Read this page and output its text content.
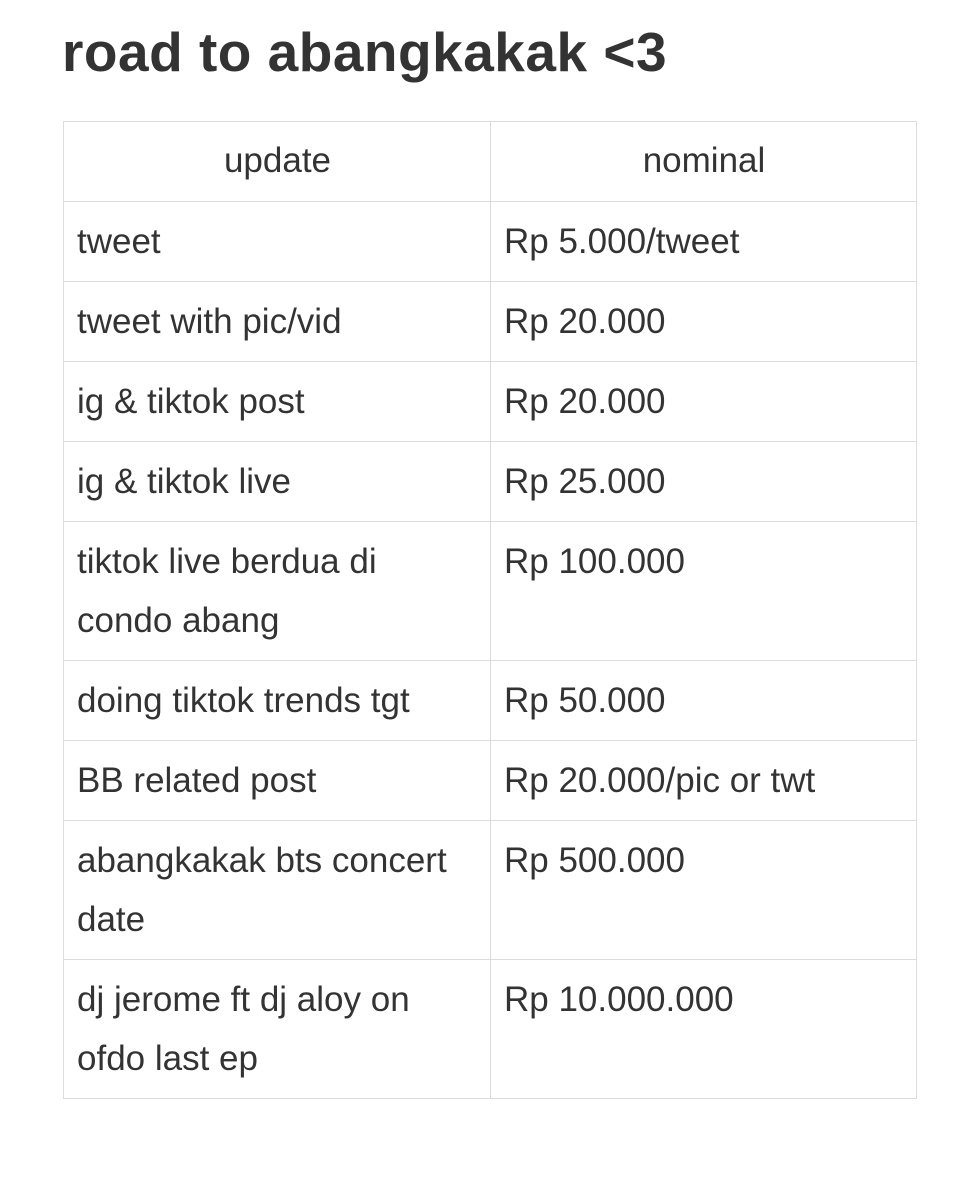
road to abangkakak <3
update	nominal
tweet	Rp 5.000/tweet
tweet with pic/vid	Rp 20.000
ig & tiktok post	Rp 20.000
ig & tiktok live	Rp 25.000
tiktok live berdua di condo abang	Rp 100.000
doing tiktok trends tgt	Rp 50.000
BB related post	Rp 20.000/pic or twt
abangkakak bts concert date	Rp 500.000
dj jerome ft dj aloy on ofdo last ep	Rp 10.000.000
